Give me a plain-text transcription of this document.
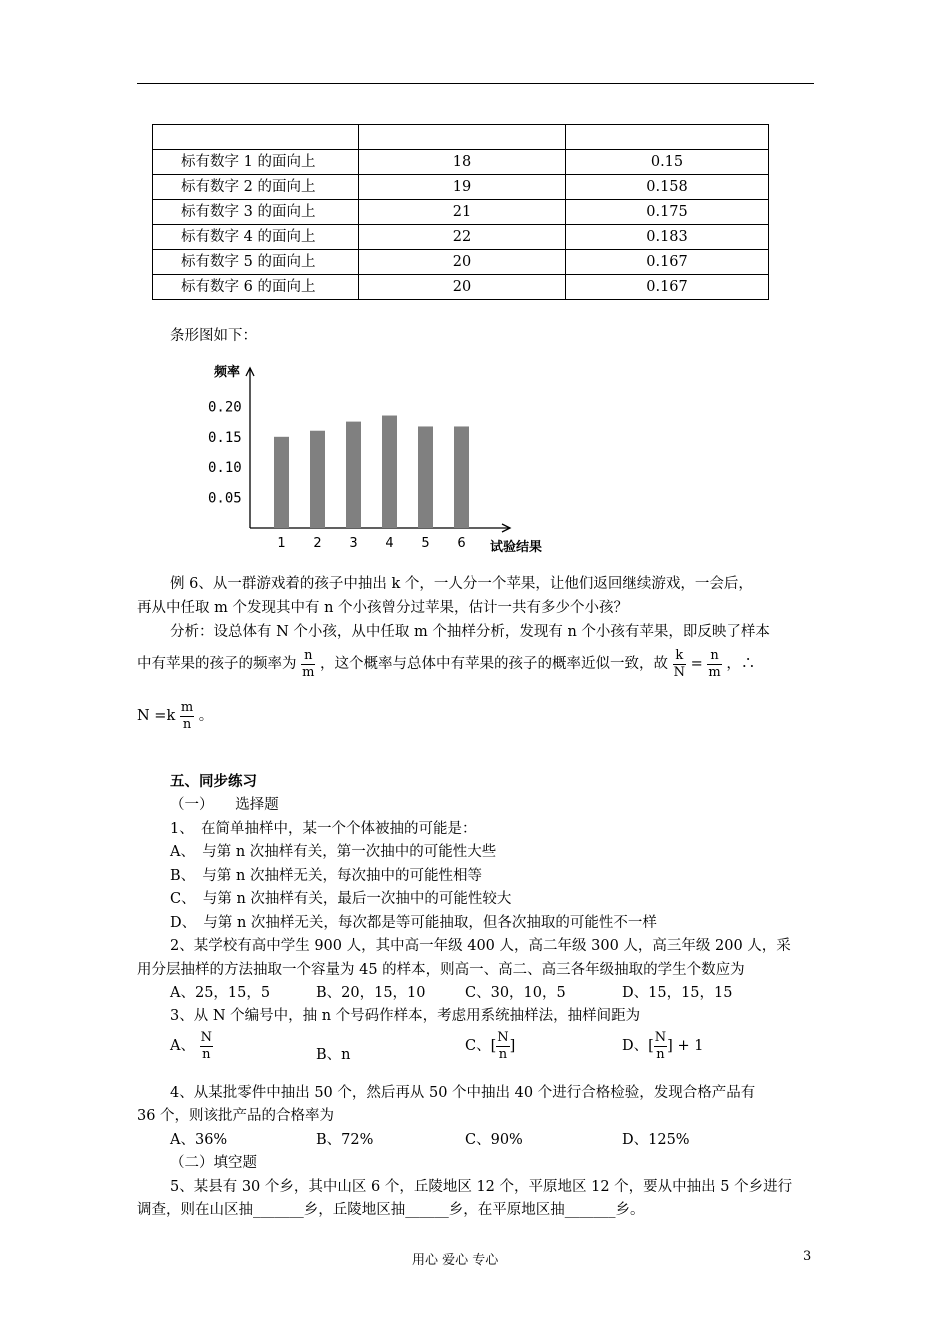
标有数字 1 的面向上	18	0.15
标有数字 2 的面向上	19	0.158
标有数字 3 的面向上	21	0.175
标有数字 4 的面向上	22	0.183
标有数字 5 的面向上	20	0.167
标有数字 6 的面向上	20	0.167
条形图如下：
0.20
0.15
0.10
0.05
频率
试验结果
1 2 3 4 5 6
例 6、从一群游戏着的孩子中抽出 k 个，一人分一个苹果，让他们返回继续游戏，一会后，
再从中任取 m 个发现其中有 n 个小孩曾分过苹果，估计一共有多少个小孩？
分析：设总体有 N 个小孩，从中任取 m 个抽样分析，发现有 n 个小孩有苹果，即反映了样本
中有苹果的孩子的频率为 $\frac{n}{m}$ ，这个概率与总体中有苹果的孩子的概率近似一致，故 $\frac{k}{N} = \frac{n}{m}$ ，∴
$N =k \frac{m}{n}$ 。
五、同步练习
（一）　　选择题
1、　在简单抽样中，某一个个体被抽的可能是：
A、　与第 n 次抽样有关，第一次抽中的可能性大些
B、　与第 n 次抽样无关，每次抽中的可能性相等
C、　与第 n 次抽样有关，最后一次抽中的可能性较大
D、　与第 n 次抽样无关，每次都是等可能抽取，但各次抽取的可能性不一样
2、某学校有高中学生 900 人，其中高一年级 400 人，高二年级 300 人，高三年级 200 人，采
用分层抽样的方法抽取一个容量为 45 的样本，则高一、高二、高三各年级抽取的学生个数应为
A、25，15，5	B、20，15，10	C、30，10，5	D、15，15，15
3、从 N 个编号中，抽 n 个号码作样本，考虑用系统抽样法，抽样间距为
A、 $\frac{N}{n}$	B、n
C、[ $\frac{N}{n}$ ]	D、[ $\frac{N}{n}$ ] + 1
4、从某批零件中抽出 50 个，然后再从 50 个中抽出 40 个进行合格检验，发现合格产品有
36 个，则该批产品的合格率为
A、36%	B、72%	C、90%	D、125%
（二）填空题
5、某县有 30 个乡，其中山区 6 个，丘陵地区 12 个，平原地区 12 个，要从中抽出 5 个乡进行
调查，则在山区抽_______乡，丘陵地区抽______乡，在平原地区抽_______乡。
用心 爱心 专心	3
